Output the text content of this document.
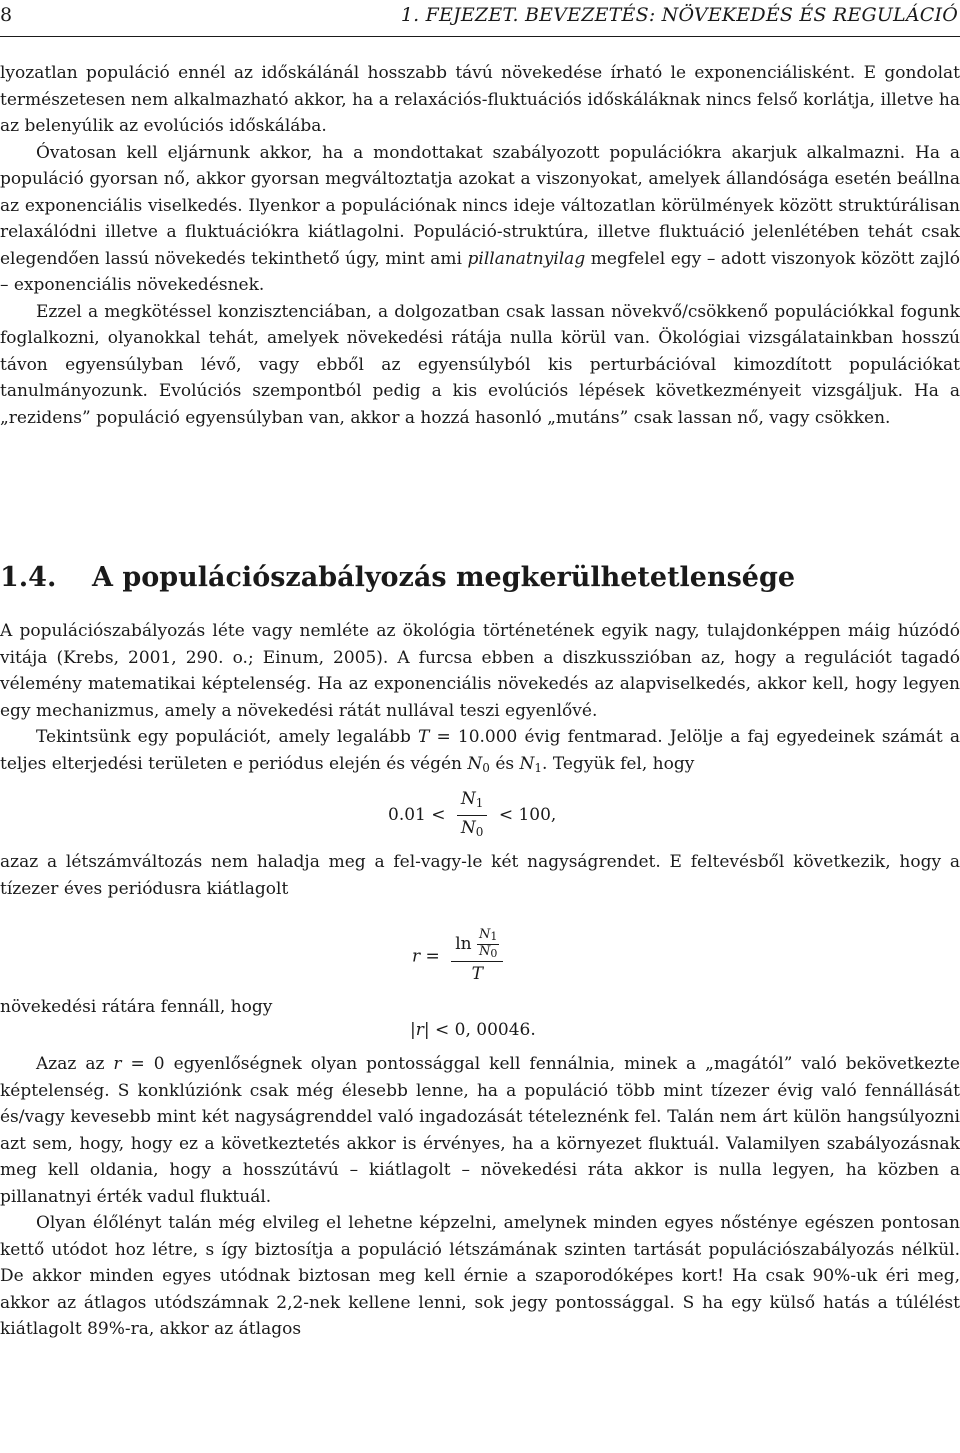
8	1. FEJEZET. BEVEZETÉS: NÖVEKEDÉS ÉS REGULÁCIÓ

lyozatlan populáció ennél az időskálánál hosszabb távú növekedése írható le exponenciálisként. E gondolat természetesen nem alkalmazható akkor, ha a relaxációs-fluktuációs időskáláknak nincs felső korlátja, illetve ha az belenyúlik az evolúciós időskálába.

Óvatosan kell eljárnunk akkor, ha a mondottakat szabályozott populációkra akarjuk alkalmazni. Ha a populáció gyorsan nő, akkor gyorsan megváltoztatja azokat a viszonyokat, amelyek állandósága esetén beállna az exponenciális viselkedés. Ilyenkor a populációnak nincs ideje változatlan körülmények között struktúrálisan relaxálódni illetve a fluktuációkra kiátlagolni. Populáció-struktúra, illetve fluktuáció jelenlétében tehát csak elegendően lassú növekedés tekinthető úgy, mint ami pillanatnyilag megfelel egy – adott viszonyok között zajló – exponenciális növekedésnek.

Ezzel a megkötéssel konzisztenciában, a dolgozatban csak lassan növekvő/csökkenő populációkkal fogunk foglalkozni, olyanokkal tehát, amelyek növekedési rátája nulla körül van. Ökológiai vizsgálatainkban hosszú távon egyensúlyban lévő, vagy ebből az egyensúlyból kis perturbációval kimozdított populációkat tanulmányozunk. Evolúciós szempontból pedig a kis evolúciós lépések következményeit vizsgáljuk. Ha a „rezidens” populáció egyensúlyban van, akkor a hozzá hasonló „mutáns” csak lassan nő, vagy csökken.

1.4. A populációszabályozás megkerülhetetlensége

A populációszabályozás léte vagy nemléte az ökológia történetének egyik nagy, tulajdonképpen máig húzódó vitája (Krebs, 2001, 290. o.; Einum, 2005). A furcsa ebben a diszkusszióban az, hogy a regulációt tagadó vélemény matematikai képtelenség. Ha az exponenciális növekedés az alapviselkedés, akkor kell, hogy legyen egy mechanizmus, amely a növekedési rátát nullával teszi egyenlővé.

Tekintsünk egy populációt, amely legalább T = 10.000 évig fentmarad. Jelölje a faj egyedeinek számát a teljes elterjedési területen e periódus elején és végén N0 és N1. Tegyük fel, hogy

$0.01 < \frac{N1}{N0} < 100$,

azaz a létszámváltozás nem haladja meg a fel-vagy-le két nagyságrendet. E feltevésből következik, hogy a tízezer éves periódusra kiátlagolt

$r = \frac{\ln \frac{N1}{N0}}{T}$

növekedési rátára fennáll, hogy

|r| < 0, 00046.

Azaz az r = 0 egyenlőségnek olyan pontossággal kell fennálnia, minek a „magától” való bekövetkezte képtelenség. S konklúziónk csak még élesebb lenne, ha a populáció több mint tízezer évig való fennállását és/vagy kevesebb mint két nagyságrenddel való ingadozását tételeznénk fel. Talán nem árt külön hangsúlyozni azt sem, hogy, hogy ez a következtetés akkor is érvényes, ha a környezet fluktuál. Valamilyen szabályozásnak meg kell oldania, hogy a hosszútávú – kiátlagolt – növekedési ráta akkor is nulla legyen, ha közben a pillanatnyi érték vadul fluktuál.

Olyan élőlényt talán még elvileg el lehetne képzelni, amelynek minden egyes nősténye egészen pontosan kettő utódot hoz létre, s így biztosítja a populáció létszámának szinten tartását populációszabályozás nélkül. De akkor minden egyes utódnak biztosan meg kell érnie a szaporodóképes kort! Ha csak 90%-uk éri meg, akkor az átlagos utódszámnak 2,2-nek kellene lenni, sok jegy pontossággal. S ha egy külső hatás a túlélést kiátlagolt 89%-ra, akkor az átlagos
